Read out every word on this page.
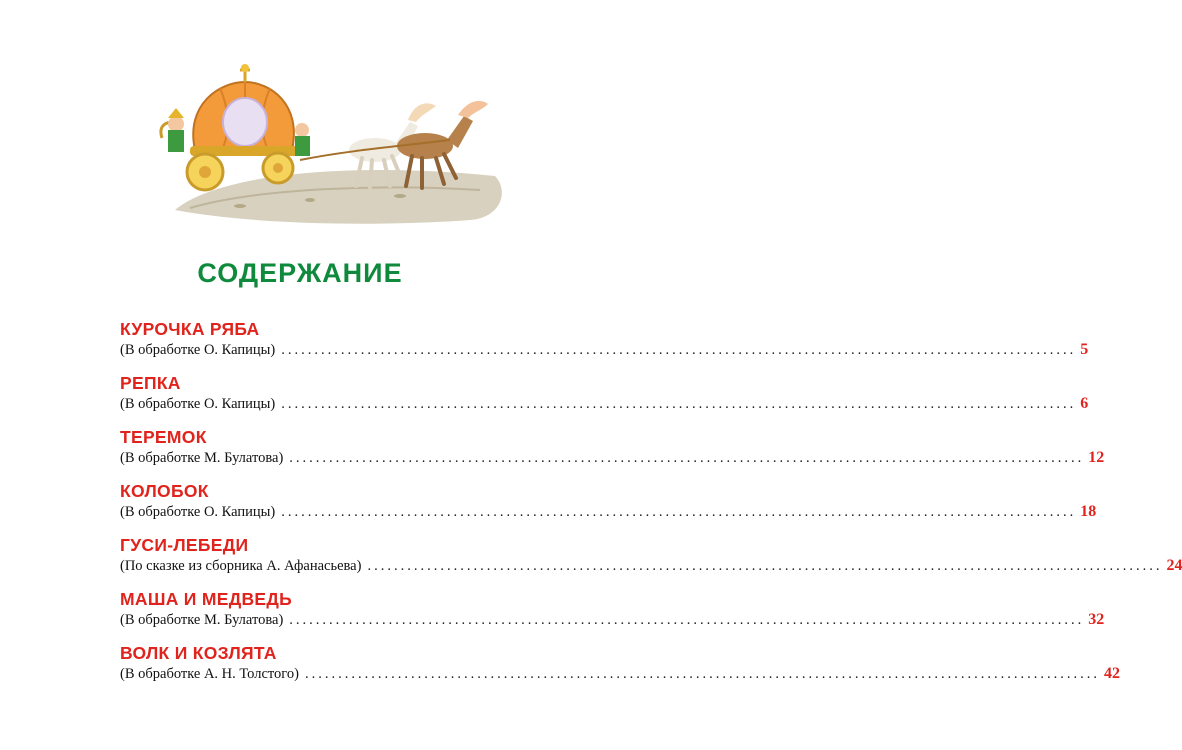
СОДЕРЖАНИЕ
КУРОЧКА РЯБА
(В обработке О. Капицы) ........................................................................................................................ 5
РЕПКА
(В обработке О. Капицы) ........................................................................................................................ 6
ТЕРЕМОК
(В обработке М. Булатова) ........................................................................................................................ 12
КОЛОБОК
(В обработке О. Капицы) ........................................................................................................................ 18
ГУСИ-ЛЕБЕДИ
(По сказке из сборника А. Афанасьева) ........................................................................................................................ 24
МАША И МЕДВЕДЬ
(В обработке М. Булатова) ........................................................................................................................ 32
ВОЛК И КОЗЛЯТА
(В обработке А. Н. Толстого) ........................................................................................................................ 42
